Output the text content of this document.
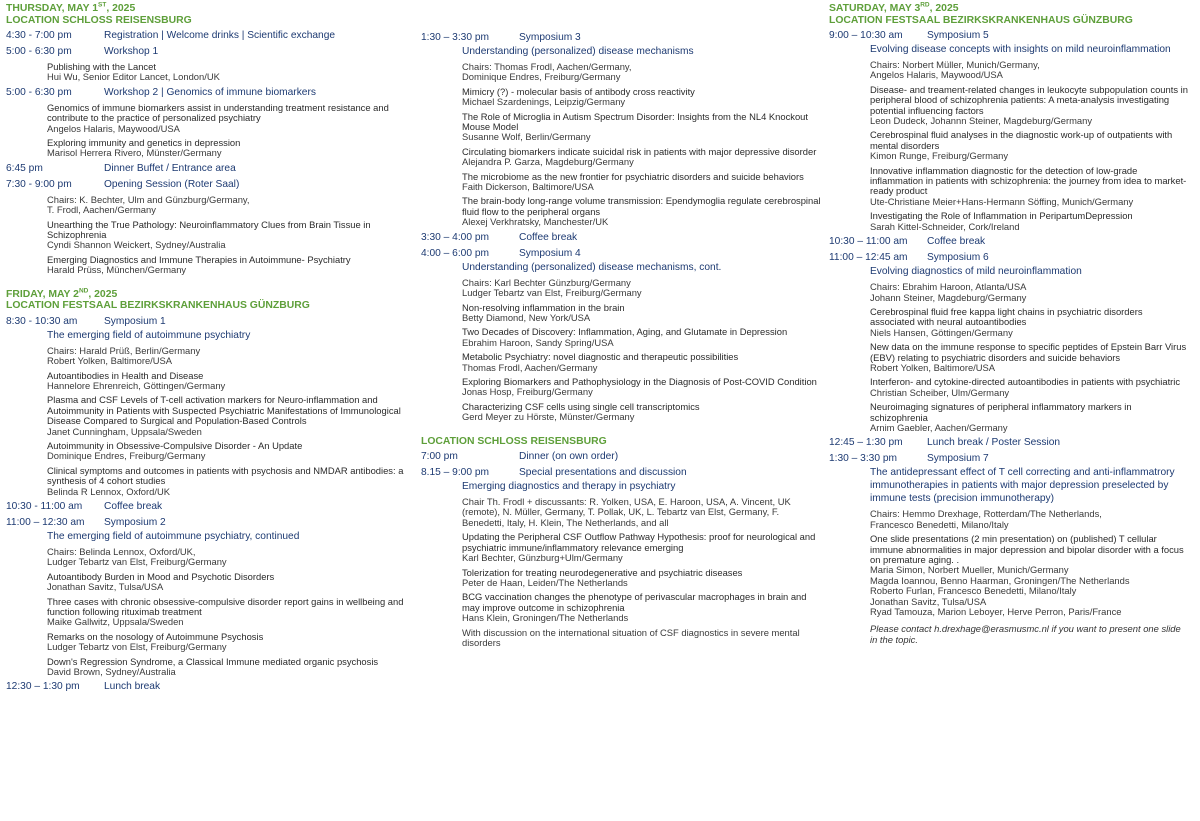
THURSDAY, MAY 1ST, 2025
LOCATION SCHLOSS REISENSBURG
4:30 - 7:00 pm	Registration | Welcome drinks | Scientific exchange
5:00 - 6:30 pm	Workshop 1
Publishing with the Lancet
Hui Wu, Senior Editor Lancet, London/UK
5:00 - 6:30 pm	Workshop 2 | Genomics of immune biomarkers
Genomics of immune biomarkers assist in understanding treatment resistance and contribute to the practice of personalized psychiatry
Angelos Halaris, Maywood/USA
Exploring immunity and genetics in depression
Marisol Herrera Rivero, Münster/Germany
6:45 pm	Dinner Buffet / Entrance area
7:30 - 9:00 pm	Opening Session (Roter Saal)
Chairs: K. Bechter, Ulm and Günzburg/Germany,
T. Frodl, Aachen/Germany
Unearthing the True Pathology: Neuroinflammatory Clues from Brain Tissue in Schizophrenia
Cyndi Shannon Weickert, Sydney/Australia
Emerging Diagnostics and Immune Therapies in Autoimmune- Psychiatry
Harald Prüss, München/Germany
FRIDAY, MAY 2ND, 2025
LOCATION FESTSAAL BEZIRKSKRANKENHAUS GÜNZBURG
8:30 - 10:30 am	Symposium 1
The emerging field of autoimmune psychiatry
Chairs: Harald Prüß, Berlin/Germany
Robert Yolken, Baltimore/USA
Autoantibodies in Health and Disease
Hannelore Ehrenreich, Göttingen/Germany
Plasma and CSF Levels of T-cell activation markers for Neuro-inflammation and Autoimmunity in Patients with Suspected Psychiatric Manifestations of Immunological Disease Compared to Surgical and Population-Based Controls
Janet Cunningham, Uppsala/Sweden
Autoimmunity in Obsessive-Compulsive Disorder - An Update
Dominique Endres, Freiburg/Germany
Clinical symptoms and outcomes in patients with psychosis and NMDAR antibodies: a synthesis of 4 cohort studies
Belinda R Lennox, Oxford/UK
10:30 - 11:00 am	Coffee break
11:00 – 12:30 am	Symposium 2
The emerging field of autoimmune psychiatry, continued
Chairs: Belinda Lennox, Oxford/UK,
Ludger Tebartz van Elst, Freiburg/Germany
Autoantibody Burden in Mood and Psychotic Disorders
Jonathan Savitz, Tulsa/USA
Three cases with chronic obsessive-compulsive disorder report gains in wellbeing and function following rituximab treatment
Maike Gallwitz, Uppsala/Sweden
Remarks on the nosology of Autoimmune Psychosis
Ludger Tebartz von Elst, Freiburg/Germany
Down's Regression Syndrome, a Classical Immune mediated organic psychosis
David Brown, Sydney/Australia
12:30 – 1:30 pm	Lunch break
1:30 – 3:30 pm	Symposium 3
Understanding (personalized) disease mechanisms
Chairs: Thomas Frodl, Aachen/Germany,
Dominique Endres, Freiburg/Germany
Mimicry (?) - molecular basis of antibody cross reactivity
Michael Szardenings, Leipzig/Germany
The Role of Microglia in Autism Spectrum Disorder: Insights from the NL4 Knockout Mouse Model
Susanne Wolf, Berlin/Germany
Circulating biomarkers indicate suicidal risk in patients with major depressive disorder
Alejandra P. Garza, Magdeburg/Germany
The microbiome as the new frontier for psychiatric disorders and suicide behaviors
Faith Dickerson, Baltimore/USA
The brain-body long-range volume transmission: Ependymoglia regulate cerebrospinal fluid flow to the peripheral organs
Alexej Verkhratsky, Manchester/UK
3:30 – 4:00 pm	Coffee break
4:00 – 6:00 pm	Symposium 4
Understanding (personalized) disease mechanisms, cont.
Chairs: Karl Bechter Günzburg/Germany
Ludger Tebartz van Elst, Freiburg/Germany
Non-resolving inflammation in the brain
Betty Diamond, New York/USA
Two Decades of Discovery: Inflammation, Aging, and Glutamate in Depression
Ebrahim Haroon, Sandy Spring/USA
Metabolic Psychiatry: novel diagnostic and therapeutic possibilities
Thomas Frodl, Aachen/Germany
Exploring Biomarkers and Pathophysiology in the Diagnosis of Post-COVID Condition
Jonas Hosp, Freiburg/Germany
Characterizing CSF cells using single cell transcriptomics
Gerd Meyer zu Hörste, Münster/Germany
LOCATION SCHLOSS REISENSBURG
7:00 pm	Dinner (on own order)
8.15 – 9:00 pm	Special presentations and discussion
Emerging diagnostics and therapy in psychiatry
Chair Th. Frodl + discussants: R. Yolken, USA, E. Haroon, USA, A. Vincent, UK (remote), N. Müller, Germany, T. Pollak, UK, L. Tebartz van Elst, Germany, F. Benedetti, Italy, H. Klein, The Netherlands, and all
Updating the Peripheral CSF Outflow Pathway Hypothesis: proof for neurological and psychiatric immune/inflammatory relevance emerging
Karl Bechter, Günzburg+Ulm/Germany
Tolerization for treating neurodegenerative and psychiatric diseases
Peter de Haan, Leiden/The Netherlands
BCG vaccination changes the phenotype of perivascular macrophages in brain and may improve outcome in schizophrenia
Hans Klein, Groningen/The Netherlands
With discussion on the international situation of CSF diagnostics in severe mental disorders
SATURDAY, MAY 3RD, 2025
LOCATION FESTSAAL BEZIRKSKRANKENHAUS GÜNZBURG
9:00 – 10:30 am	Symposium 5
Evolving disease concepts with insights on mild neuroinflammation
Chairs: Norbert Müller, Munich/Germany,
Angelos Halaris, Maywood/USA
Disease- and treament-related changes in leukocyte subpopulation counts in peripheral blood of schizophrenia patients: A meta-analysis investigating potential influencing factors
Leon Dudeck, Johannn Steiner, Magdeburg/Germany
Cerebrospinal fluid analyses in the diagnostic work-up of outpatients with mental disorders
Kimon Runge, Freiburg/Germany
Innovative inflammation diagnostic for the detection of low-grade inflammation in patients with schizophrenia: the journey from idea to market-ready product
Ute-Christiane Meier+Hans-Hermann Söffing, Munich/Germany
Investigating the Role of Inflammation in PeripartumDepression
Sarah Kittel-Schneider, Cork/Ireland
10:30 – 11:00 am	Coffee break
11:00 – 12:45 am	Symposium 6
Evolving diagnostics of mild neuroinflammation
Chairs: Ebrahim Haroon, Atlanta/USA
Johann Steiner, Magdeburg/Germany
Cerebrospinal fluid free kappa light chains in psychiatric disorders associated with neural autoantibodies
Niels Hansen, Göttingen/Germany
New data on the immune response to specific peptides of Epstein Barr Virus (EBV) relating to psychiatric disorders and suicide behaviors
Robert Yolken, Baltimore/USA
Interferon- and cytokine-directed autoantibodies in patients with psychiatric
Christian Scheiber, Ulm/Germany
Neuroimaging signatures of peripheral inflammatory markers in schizophrenia
Arnim Gaebler, Aachen/Germany
12:45 – 1:30 pm	Lunch break / Poster Session
1:30 – 3:30 pm	Symposium 7
The antidepressant effect of T cell correcting and anti-inflammatrory immunotherapies in patients with major depression preselected by immune tests (precision immunotherapy)
Chairs: Hemmo Drexhage, Rotterdam/The Netherlands,
Francesco Benedetti, Milano/Italy
One slide presentations (2 min presentation) on (published) T cellular immune abnormalities in major depression and bipolar disorder with a focus on premature aging. .
Maria Simon, Norbert Mueller, Munich/Germany
Magda Ioannou, Benno Haarman, Groningen/The Netherlands
Roberto Furlan, Francesco Benedetti, Milano/Italy
Jonathan Savitz, Tulsa/USA
Ryad Tamouza, Marion Leboyer, Herve Perron, Paris/France
Please contact h.drexhage@erasmusmc.nl if you want to present one slide in the topic.
